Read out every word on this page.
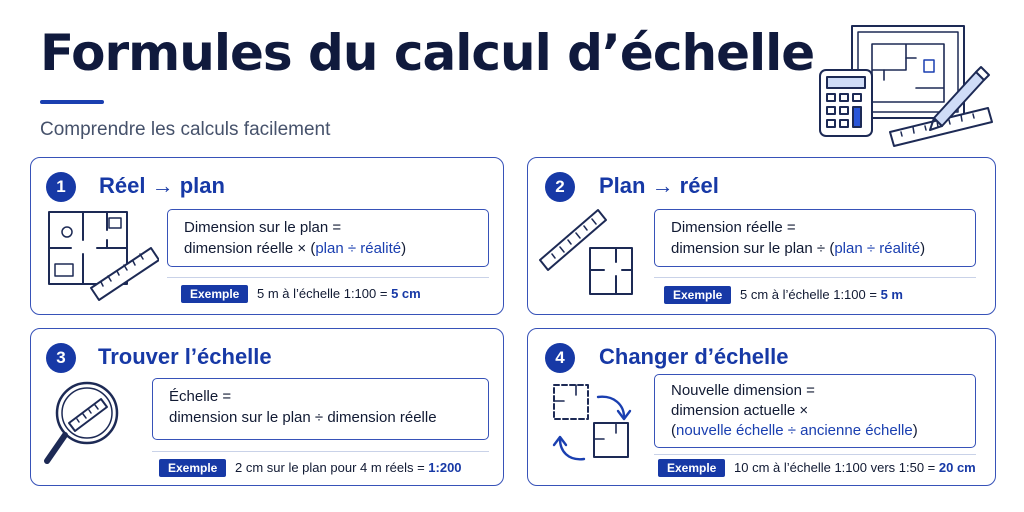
Formules du calcul d’échelle
Comprendre les calculs facilement
1	Réel → plan
Dimension sur le plan =
dimension réelle × (plan ÷ réalité)
Exemple	5 m à l’échelle 1:100 = 5 cm
2	Plan → réel
Dimension réelle =
dimension sur le plan ÷ (plan ÷ réalité)
Exemple	5 cm à l’échelle 1:100 = 5 m
3	Trouver l’échelle
Échelle =
dimension sur le plan ÷ dimension réelle
Exemple	2 cm sur le plan pour 4 m réels = 1:200
4	Changer d’échelle
Nouvelle dimension =
dimension actuelle ×
(nouvelle échelle ÷ ancienne échelle)
Exemple	10 cm à l’échelle 1:100 vers 1:50 = 20 cm
